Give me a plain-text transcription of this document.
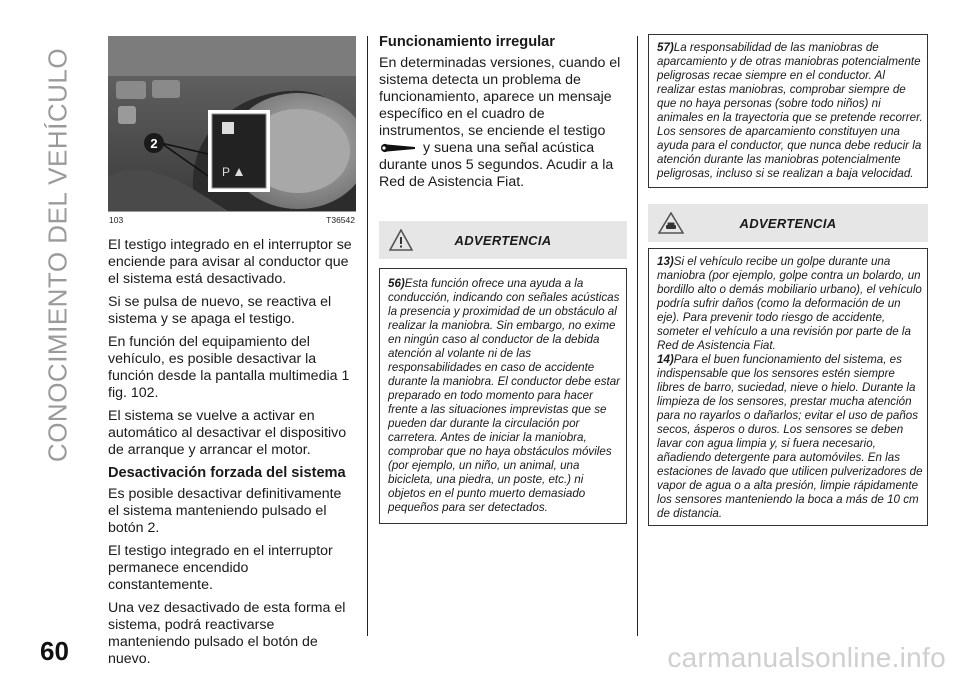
CONOCIMIENTO DEL VEHÍCULO	P
2
103	T36542

El testigo integrado en el interruptor se enciende para avisar al conductor que el sistema está desactivado.

Si se pulsa de nuevo, se reactiva el sistema y se apaga el testigo.

En función del equipamiento del vehículo, es posible desactivar la función desde la pantalla multimedia 1 fig. 102.

El sistema se vuelve a activar en automático al desactivar el dispositivo de arranque y arrancar el motor.

Desactivación forzada del sistema

Es posible desactivar definitivamente el sistema manteniendo pulsado el botón 2.

El testigo integrado en el interruptor permanece encendido constantemente.

Una vez desactivado de esta forma el sistema, podrá reactivarse manteniendo pulsado el botón de nuevo.

Funcionamiento irregular

En determinadas versiones, cuando el sistema detecta un problema de funcionamiento, aparece un mensaje específico en el cuadro de instrumentos, se enciende el testigo
y suena una señal acústica durante unos 5 segundos. Acudir a la Red de Asistencia Fiat.

ADVERTENCIA

56)Esta función ofrece una ayuda a la conducción, indicando con señales acústicas la presencia y proximidad de un obstáculo al realizar la maniobra. Sin embargo, no exime en ningún caso al conductor de la debida atención al volante ni de las responsabilidades en caso de accidente durante la maniobra. El conductor debe estar preparado en todo momento para hacer frente a las situaciones imprevistas que se pueden dar durante la circulación por carretera. Antes de iniciar la maniobra, comprobar que no haya obstáculos móviles (por ejemplo, un niño, un animal, una bicicleta, una piedra, un poste, etc.) ni objetos en el punto muerto demasiado pequeños para ser detectados.

57)La responsabilidad de las maniobras de aparcamiento y de otras maniobras potencialmente peligrosas recae siempre en el conductor. Al realizar estas maniobras, comprobar siempre de que no haya personas (sobre todo niños) ni animales en la trayectoria que se pretende recorrer. Los sensores de aparcamiento constituyen una ayuda para el conductor, que nunca debe reducir la atención durante las maniobras potencialmente peligrosas, incluso si se realizan a baja velocidad.

ADVERTENCIA

13)Si el vehículo recibe un golpe durante una maniobra (por ejemplo, golpe contra un bolardo, un bordillo alto o demás mobiliario urbano), el vehículo podría sufrir daños (como la deformación de un eje). Para prevenir todo riesgo de accidente, someter el vehículo a una revisión por parte de la Red de Asistencia Fiat.

14)Para el buen funcionamiento del sistema, es indispensable que los sensores estén siempre libres de barro, suciedad, nieve o hielo. Durante la limpieza de los sensores, prestar mucha atención para no rayarlos o dañarlos; evitar el uso de paños secos, ásperos o duros. Los sensores se deben lavar con agua limpia y, si fuera necesario, añadiendo detergente para automóviles. En las estaciones de lavado que utilicen pulverizadores de vapor de agua o a alta presión, limpie rápidamente los sensores manteniendo la boca a más de 10 cm de distancia.

60	carmanualsonline.info
